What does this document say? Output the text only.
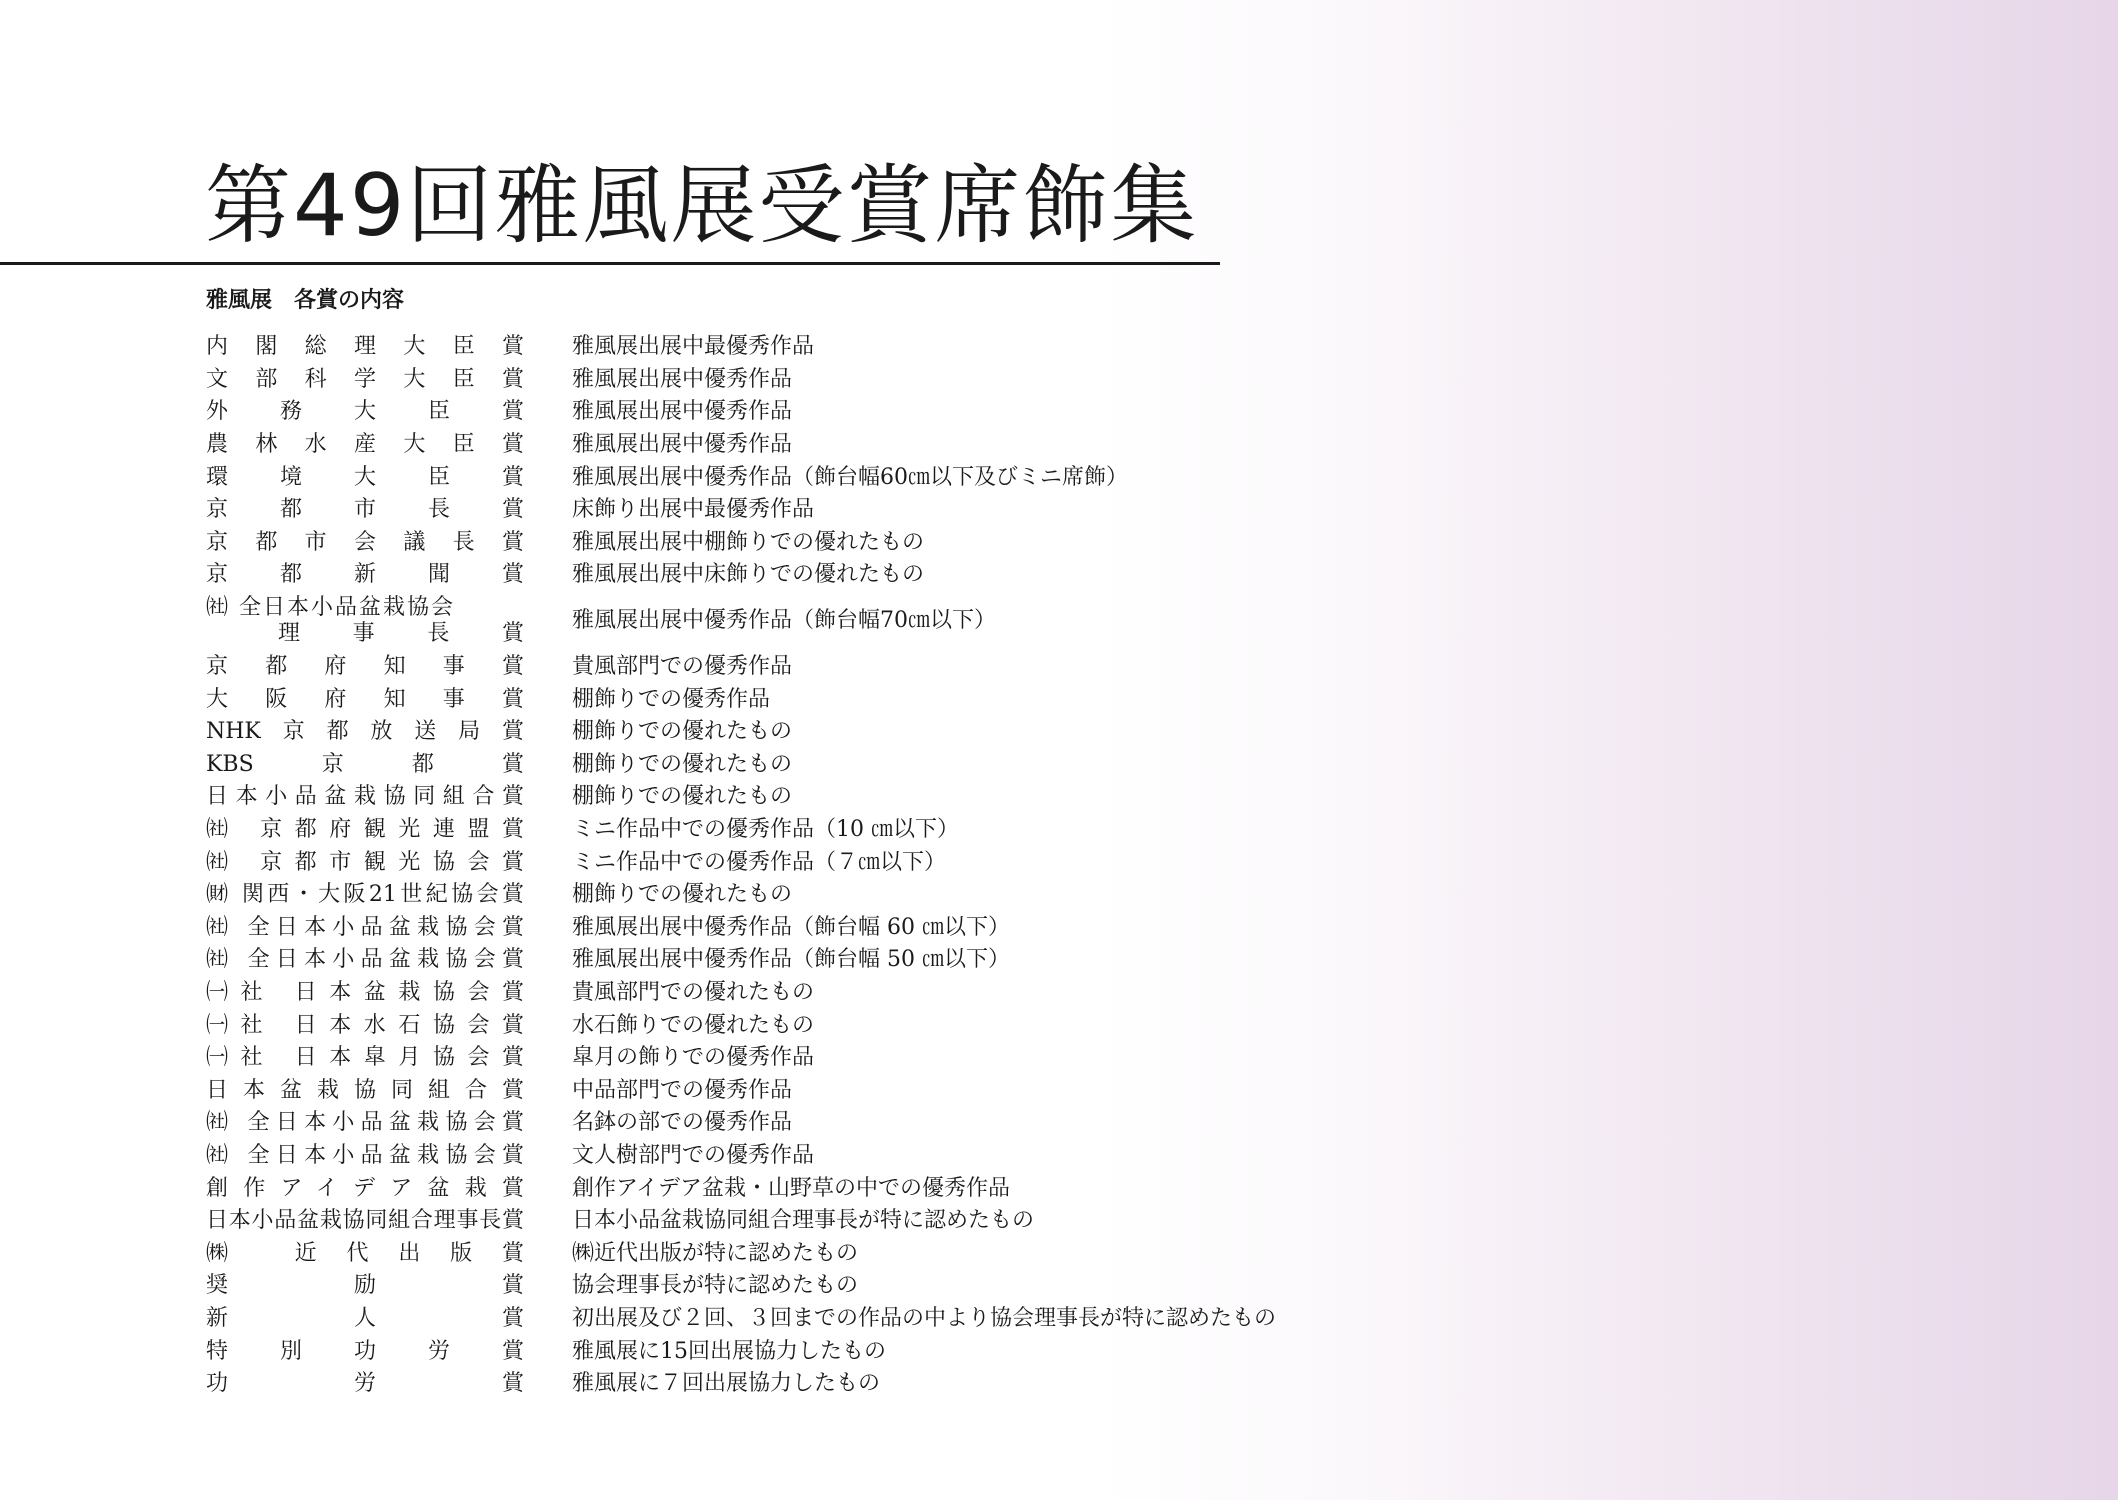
第49回雅風展受賞席飾集
雅風展　各賞の内容
内閣総理大臣賞 雅風展出展中最優秀作品
文部科学大臣賞 雅風展出展中優秀作品
外務大臣賞 雅風展出展中優秀作品
農林水産大臣賞 雅風展出展中優秀作品
環境大臣賞 雅風展出展中優秀作品（飾台幅60㎝以下及びミニ席飾）
京都市長賞 床飾り出展中最優秀作品
京都市会議長賞 雅風展出展中棚飾りでの優れたもの
京都新聞賞 雅風展出展中床飾りでの優れたもの
㈳ 全日本小品盆栽協会
理事長賞
雅風展出展中優秀作品（飾台幅70㎝以下）
京都府知事賞 貴風部門での優秀作品
大阪府知事賞 棚飾りでの優秀作品
NHK京都放送局賞 棚飾りでの優れたもの
KBS京都賞 棚飾りでの優れたもの
日本小品盆栽協同組合賞 棚飾りでの優れたもの
㈳ 京都府観光連盟賞 ミニ作品中での優秀作品（10 ㎝以下）
㈳ 京都市観光協会賞 ミニ作品中での優秀作品（７㎝以下）
㈶ 関西・大阪21世紀協会賞 棚飾りでの優れたもの
㈳ 全日本小品盆栽協会賞 雅風展出展中優秀作品（飾台幅 60 ㎝以下）
㈳ 全日本小品盆栽協会賞 雅風展出展中優秀作品（飾台幅 50 ㎝以下）
㈠社 日本盆栽協会賞 貴風部門での優れたもの
㈠社 日本水石協会賞 水石飾りでの優れたもの
㈠社 日本皐月協会賞 皐月の飾りでの優秀作品
日本盆栽協同組合賞 中品部門での優秀作品
㈳ 全日本小品盆栽協会賞 名鉢の部での優秀作品
㈳ 全日本小品盆栽協会賞 文人樹部門での優秀作品
創作アイデア盆栽賞 創作アイデア盆栽・山野草の中での優秀作品
日本小品盆栽協同組合理事長賞 日本小品盆栽協同組合理事長が特に認めたもの
㈱ 近代出版賞 ㈱近代出版が特に認めたもの
奨励賞 協会理事長が特に認めたもの
新人賞 初出展及び２回、３回までの作品の中より協会理事長が特に認めたもの
特別功労賞 雅風展に15回出展協力したもの
功労賞 雅風展に７回出展協力したもの
